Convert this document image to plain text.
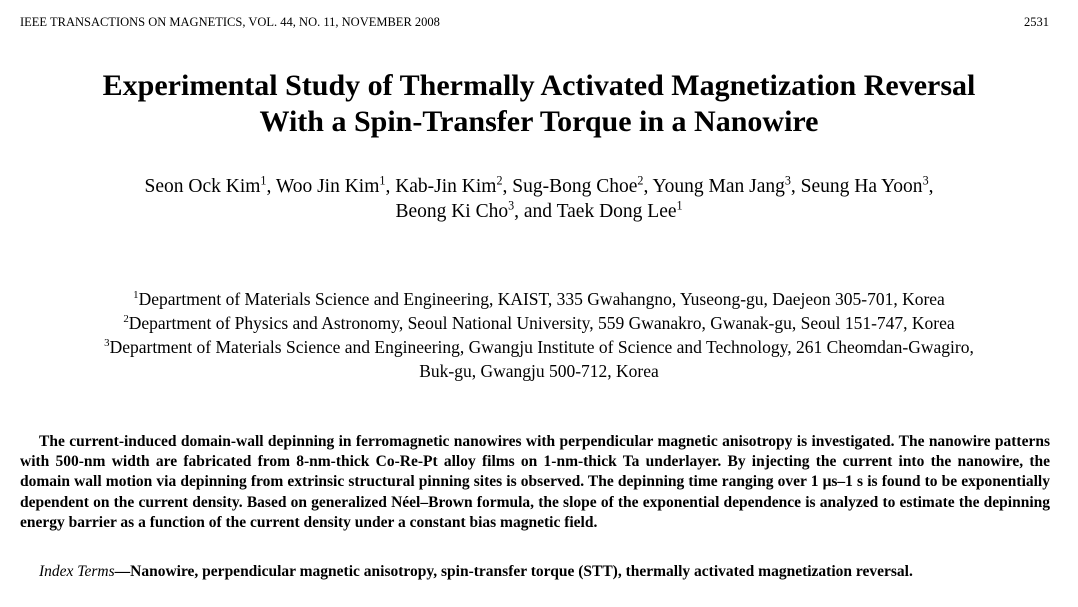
IEEE TRANSACTIONS ON MAGNETICS, VOL. 44, NO. 11, NOVEMBER 2008	2531
Experimental Study of Thermally Activated Magnetization Reversal
With a Spin-Transfer Torque in a Nanowire
Seon Ock Kim$^1$, Woo Jin Kim$^1$, Kab-Jin Kim$^2$, Sug-Bong Choe$^2$, Young Man Jang$^3$, Seung Ha Yoon$^3$,
Beong Ki Cho$^3$, and Taek Dong Lee$^1$
$^1$Department of Materials Science and Engineering, KAIST, 335 Gwahangno, Yuseong-gu, Daejeon 305-701, Korea
$^2$Department of Physics and Astronomy, Seoul National University, 559 Gwanakro, Gwanak-gu, Seoul 151-747, Korea
$^3$Department of Materials Science and Engineering, Gwangju Institute of Science and Technology, 261 Cheomdan-Gwagiro,
Buk-gu, Gwangju 500-712, Korea
The current-induced domain-wall depinning in ferromagnetic nanowires with perpendicular magnetic anisotropy is investigated. The nanowire patterns with 500-nm width are fabricated from 8-nm-thick Co-Re-Pt alloy films on 1-nm-thick Ta underlayer. By injecting the current into the nanowire, the domain wall motion via depinning from extrinsic structural pinning sites is observed. The depinning time ranging over 1 μs–1 s is found to be exponentially dependent on the current density. Based on generalized Néel–Brown formula, the slope of the exponential dependence is analyzed to estimate the depinning energy barrier as a function of the current density under a constant bias magnetic field.
Index Terms—Nanowire, perpendicular magnetic anisotropy, spin-transfer torque (STT), thermally activated magnetization reversal.
